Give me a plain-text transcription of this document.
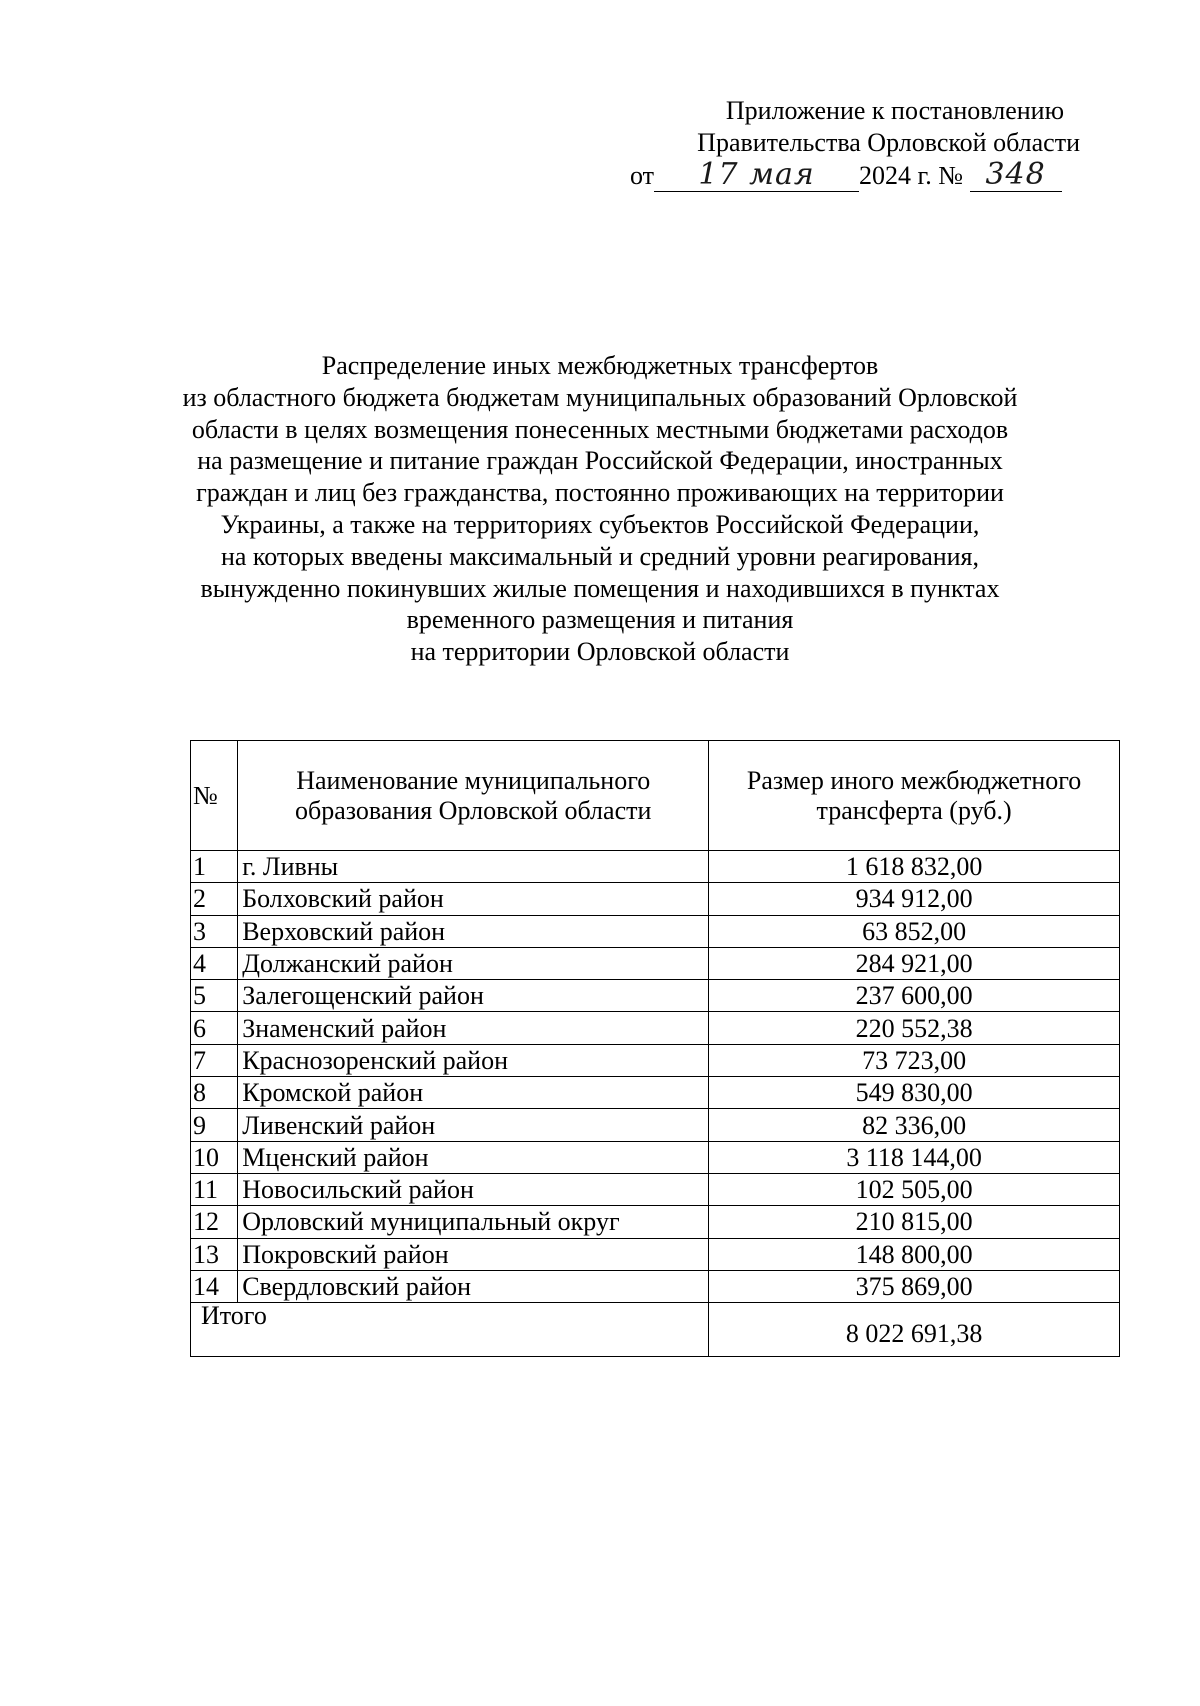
Приложение к постановлению
Правительства Орловской области
от 17 мая 2024 г. № 348
Распределение иных межбюджетных трансфертов
из областного бюджета бюджетам муниципальных образований Орловской
области в целях возмещения понесенных местными бюджетами расходов
на размещение и питание граждан Российской Федерации, иностранных
граждан и лиц без гражданства, постоянно проживающих на территории
Украины, а также на территориях субъектов Российской Федерации,
на которых введены максимальный и средний уровни реагирования,
вынужденно покинувших жилые помещения и находившихся в пунктах
временного размещения и питания
на территории Орловской области
№	Наименование муниципального образования Орловской области	Размер иного межбюджетного трансферта (руб.)
1	г. Ливны	1 618 832,00
2	Болховский район	934 912,00
3	Верховский район	63 852,00
4	Должанский район	284 921,00
5	Залегощенский район	237 600,00
6	Знаменский район	220 552,38
7	Краснозоренский район	73 723,00
8	Кромской район	549 830,00
9	Ливенский район	82 336,00
10	Мценский район	3 118 144,00
11	Новосильский район	102 505,00
12	Орловский муниципальный округ	210 815,00
13	Покровский район	148 800,00
14	Свердловский район	375 869,00
Итого		8 022 691,38
